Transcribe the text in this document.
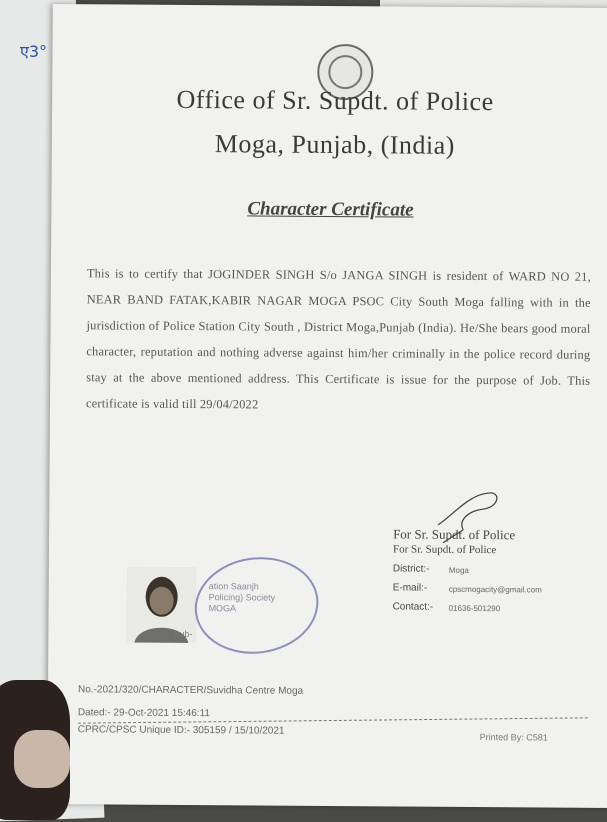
ए3°
Office of Sr. Supdt. of Police
Moga, Punjab, (India)
Character Certificate
This is to certify that JOGINDER SINGH S/o JANGA SINGH is resident of WARD NO 21, NEAR BAND FATAK,KABIR NAGAR MOGA PSOC City South Moga falling with in the jurisdiction of Police Station City South , District Moga,Punjab (India). He/She bears good moral character, reputation and nothing adverse against him/her criminally in the police record during stay at the above mentioned address. This Certificate is issue for the purpose of Job. This certificate is valid till 29/04/2022
For Sr. Supdt. of Police
For Sr. Supdt. of Police
District:-	Moga
E-mail:-	cpscmogacity@gmail.com
Contact:-	01636-501290
ation Saanjh
Policing) Society
MOGA
Sub-
No.-2021/320/CHARACTER/Suvidha Centre Moga
Dated:- 29-Oct-2021 15:46:11
CPRC/CPSC Unique ID:- 305159 / 15/10/2021
Printed By: C581
